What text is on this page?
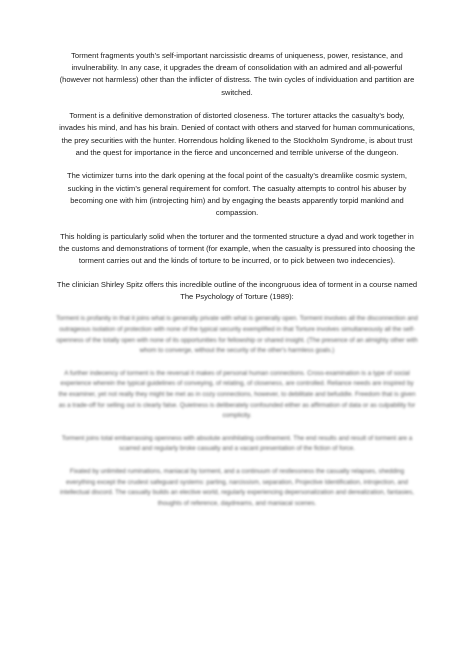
Torment fragments youth’s self-important narcissistic dreams of uniqueness, power, resistance, and invulnerability. In any case, it upgrades the dream of consolidation with an admired and all-powerful (however not harmless) other than the inflicter of distress. The twin cycles of individuation and partition are switched.

Torment is a definitive demonstration of distorted closeness. The torturer attacks the casualty’s body, invades his mind, and has his brain. Denied of contact with others and starved for human communications, the prey securities with the hunter. Horrendous holding likened to the Stockholm Syndrome, is about trust and the quest for importance in the fierce and unconcerned and terrible universe of the dungeon.

The victimizer turns into the dark opening at the focal point of the casualty’s dreamlike cosmic system, sucking in the victim’s general requirement for comfort. The casualty attempts to control his abuser by becoming one with him (introjecting him) and by engaging the beasts apparently torpid mankind and compassion.

This holding is particularly solid when the torturer and the tormented structure a dyad and work together in the customs and demonstrations of torment (for example, when the casualty is pressured into choosing the torment carries out and the kinds of torture to be incurred, or to pick between two indecencies).

The clinician Shirley Spitz offers this incredible outline of the incongruous idea of torment in a course named The Psychology of Torture (1989):

Torment is profanity in that it joins what is generally private with what is generally open. Torment involves all the disconnection and outrageous isolation of protection with none of the typical security exemplified in that Torture involves simultaneously all the self-openness of the totally open with none of its opportunities for fellowship or shared insight. (The presence of an almighty other with whom to converge, without the security of the other's harmless goals.)

A further indecency of torment is the reversal it makes of personal human connections. Cross-examination is a type of social experience wherein the typical guidelines of conveying, of relating, of closeness, are controlled. Reliance needs are inspired by the examiner, yet not really they might be met as in cozy connections, however, to debilitate and befuddle. Freedom that is given as a trade-off for selling out is clearly false. Quietness is deliberately confounded either as affirmation of data or as culpability for complicity.

Torment joins total embarrassing openness with absolute annihilating confinement. The end results and result of torment are a scarred and regularly broke casualty and a vacant presentation of the fiction of force.

Fixated by unlimited ruminations, maniacal by torment, and a continuum of restlessness the casualty relapses, shedding everything except the crudest safeguard systems: parting, narcissism, separation, Projective Identification, introjection, and intellectual discord. The casualty builds an elective world, regularly experiencing depersonalization and derealization, fantasies, thoughts of reference, daydreams, and maniacal scenes.
